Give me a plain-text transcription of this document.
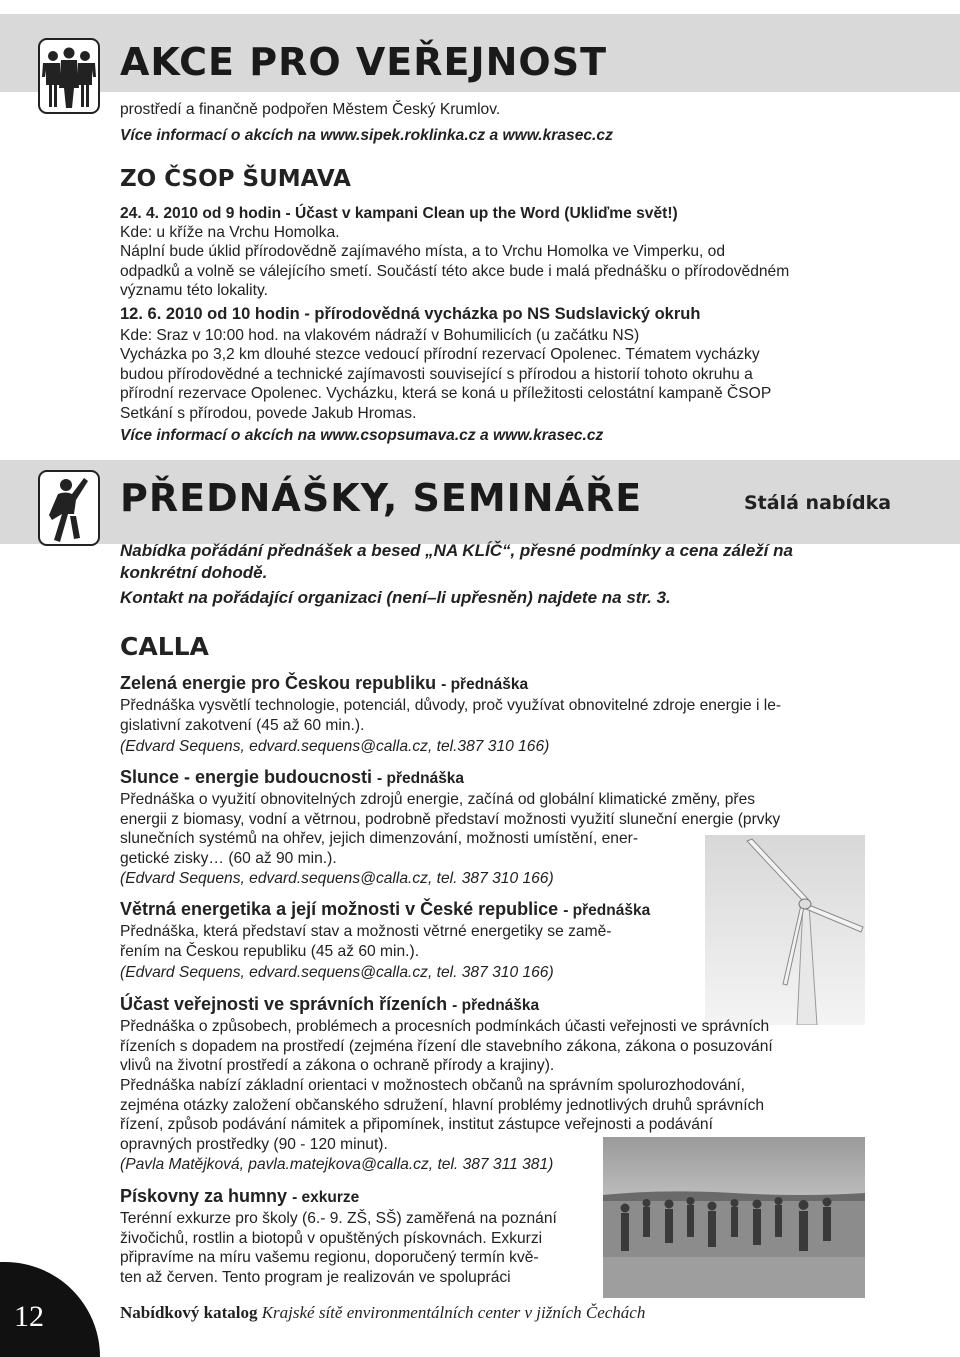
AKCE PRO VEŘEJNOST
prostředí a finančně podpořen Městem Český Krumlov.
Více informací o akcích na www.sipek.roklinka.cz a www.krasec.cz
ZO ČSOP ŠUMAVA
24. 4. 2010 od 9 hodin - Účast v kampani Clean up the Word (Ukliďme svět!)
Kde: u kříže na Vrchu Homolka.
Náplní bude úklid přírodovědně zajímavého místa, a to Vrchu Homolka ve Vimperku, od
odpadků a volně se válejícího smetí. Součástí této akce bude i malá přednášku o přírodovědném
významu této lokality.
12. 6. 2010 od 10 hodin - přírodovědná vycházka po NS Sudslavický okruh
Kde: Sraz v 10:00 hod. na vlakovém nádraží v Bohumilicích (u začátku NS)
Vycházka po 3,2 km dlouhé stezce vedoucí přírodní rezervací Opolenec. Tématem vycházky
budou přírodovědné a technické zajímavosti související s přírodou a historií tohoto okruhu a
přírodní rezervace Opolenec. Vycházku, která se koná u příležitosti celostátní kampaně ČSOP
Setkání s přírodou, povede Jakub Hromas.
Více informací o akcích na www.csopsumava.cz a www.krasec.cz
PŘEDNÁŠKY, SEMINÁŘE	Stálá nabídka
Nabídka pořádání přednášek a besed „NA KLÍČ“, přesné podmínky a cena záleží na
konkrétní dohodě.
Kontakt na pořádající organizaci (není–li upřesněn) najdete na str. 3.
CALLA
Zelená energie pro Českou republiku - přednáška
Přednáška vysvětlí technologie, potenciál, důvody, proč využívat obnovitelné zdroje energie i le-
gislativní zakotvení (45 až 60 min.).
(Edvard Sequens, edvard.sequens@calla.cz, tel.387 310 166)
Slunce - energie budoucnosti - přednáška
Přednáška o využití obnovitelných zdrojů energie, začíná od globální klimatické změny, přes
energii z biomasy, vodní a větrnou, podrobně představí možnosti využití sluneční energie (prvky
slunečních systémů na ohřev, jejich dimenzování, možnosti umístění, ener-
getické zisky… (60 až 90 min.).
(Edvard Sequens, edvard.sequens@calla.cz, tel. 387 310 166)
Větrná energetika a její možnosti v České republice - přednáška
Přednáška, která představí stav a možnosti větrné energetiky se zamě-
řením na Českou republiku (45 až 60 min.).
(Edvard Sequens, edvard.sequens@calla.cz, tel. 387 310 166)
Účast veřejnosti ve správních řízeních - přednáška
Přednáška o způsobech, problémech a procesních podmínkách účasti veřejnosti ve správních
řízeních s dopadem na prostředí (zejména řízení dle stavebního zákona, zákona o posuzování
vlivů na životní prostředí a zákona o ochraně přírody a krajiny).
Přednáška nabízí základní orientaci v možnostech občanů na správním spolurozhodování,
zejména otázky založení občanského sdružení, hlavní problémy jednotlivých druhů správních
řízení, způsob podávání námitek a připomínek, institut zástupce veřejnosti a podávání
opravných prostředky (90 - 120 minut).
(Pavla Matějková, pavla.matejkova@calla.cz, tel. 387 311 381)
Pískovny za humny - exkurze
Terénní exkurze pro školy (6.- 9. ZŠ, SŠ) zaměřená na poznání
živočichů, rostlin a biotopů v opuštěných pískovnách. Exkurzi
připravíme na míru vašemu regionu, doporučený termín kvě-
ten až červen. Tento program je realizován ve spolupráci
12	Nabídkový katalog Krajské sítě environmentálních center v jižních Čechách
